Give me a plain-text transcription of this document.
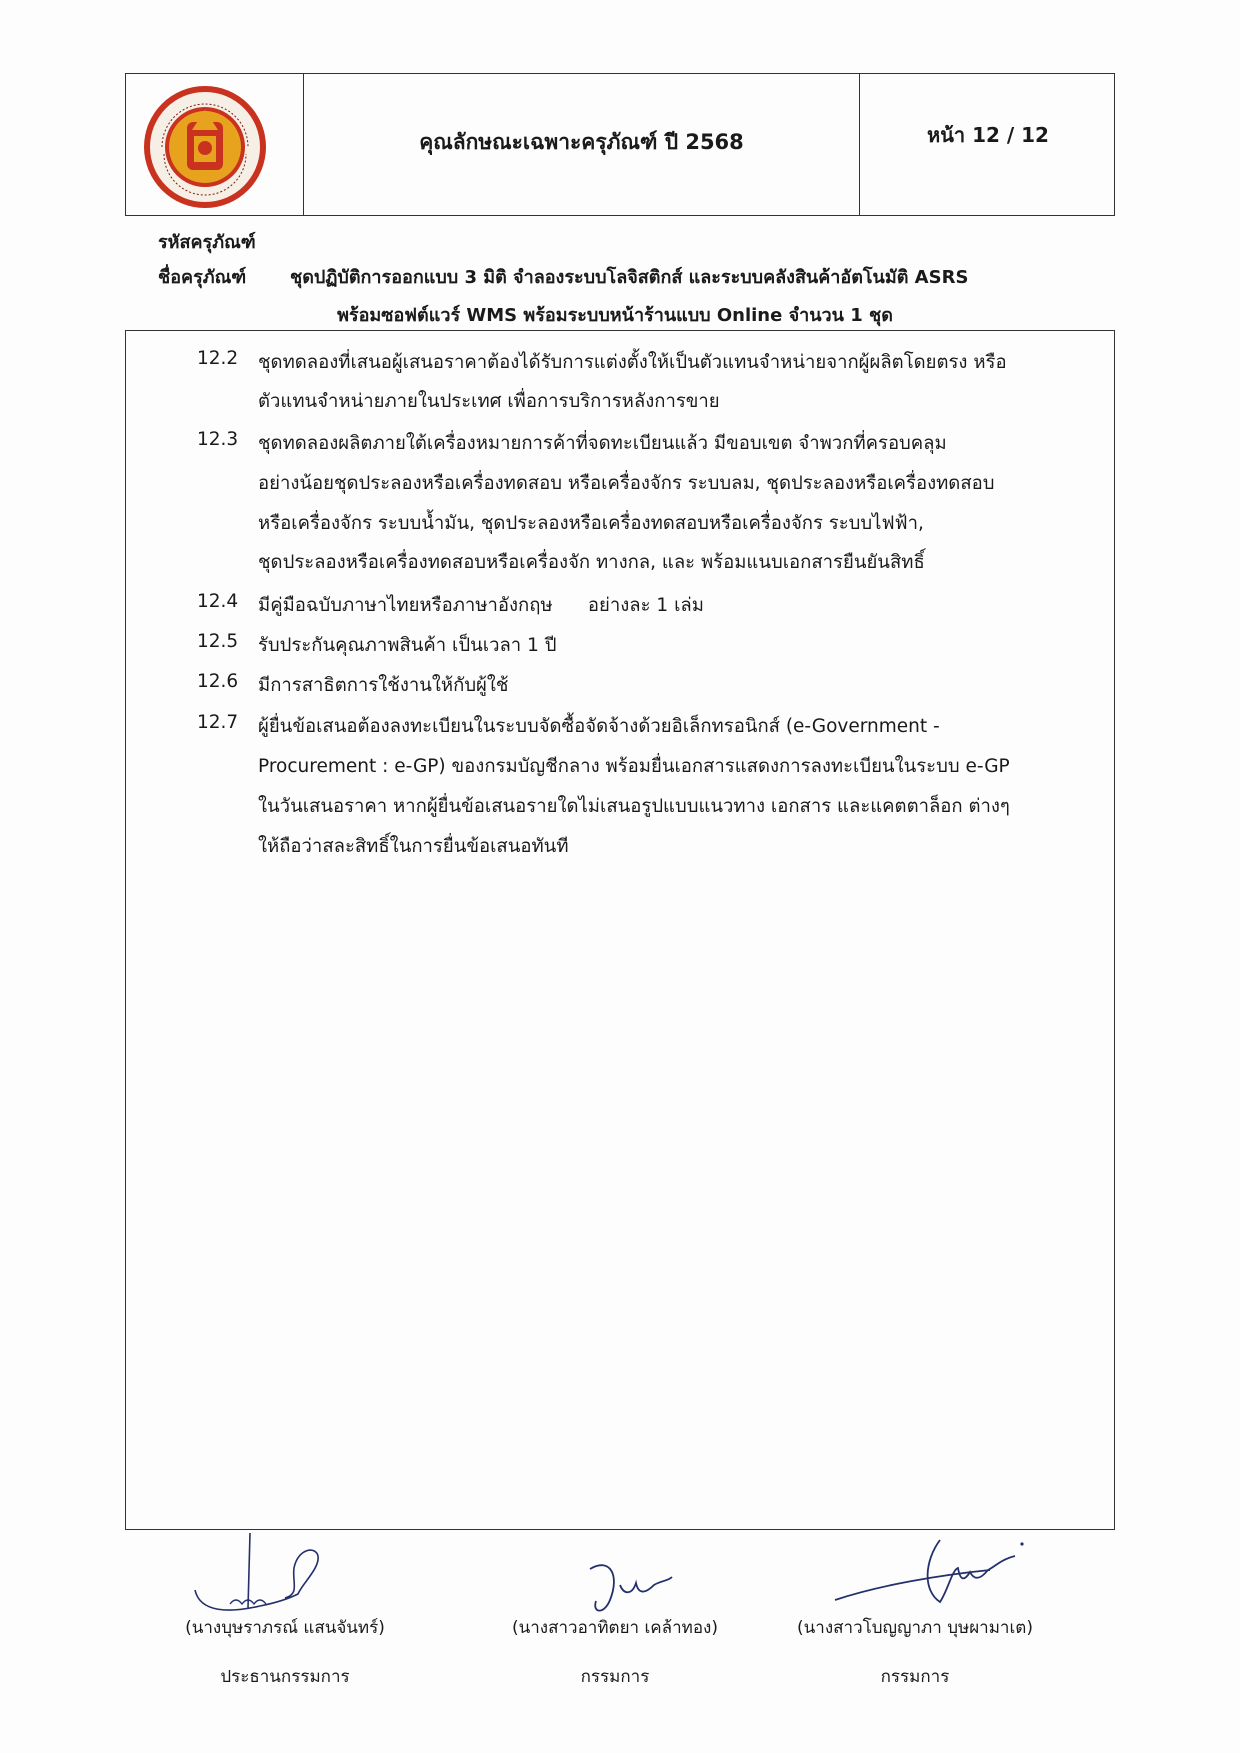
คุณลักษณะเฉพาะครุภัณฑ์ ปี 2568	หน้า 12 / 12
รหัสครุภัณฑ์
ชื่อครุภัณฑ์ ชุดปฏิบัติการออกแบบ 3 มิติ จำลองระบบโลจิสติกส์ และระบบคลังสินค้าอัตโนมัติ ASRS
พร้อมซอฟต์แวร์ WMS พร้อมระบบหน้าร้านแบบ Online จำนวน 1 ชุด
12.2 ชุดทดลองที่เสนอผู้เสนอราคาต้องได้รับการแต่งตั้งให้เป็นตัวแทนจำหน่ายจากผู้ผลิตโดยตรง หรือ
ตัวแทนจำหน่ายภายในประเทศ เพื่อการบริการหลังการขาย
12.3 ชุดทดลองผลิตภายใต้เครื่องหมายการค้าที่จดทะเบียนแล้ว มีขอบเขต จำพวกที่ครอบคลุม
อย่างน้อยชุดประลองหรือเครื่องทดสอบ หรือเครื่องจักร ระบบลม, ชุดประลองหรือเครื่องทดสอบ
หรือเครื่องจักร ระบบน้ำมัน, ชุดประลองหรือเครื่องทดสอบหรือเครื่องจักร ระบบไฟฟ้า,
ชุดประลองหรือเครื่องทดสอบหรือเครื่องจัก ทางกล, และ พร้อมแนบเอกสารยืนยันสิทธิ์
12.4 มีคู่มือฉบับภาษาไทยหรือภาษาอังกฤษ      อย่างละ 1 เล่ม
12.5 รับประกันคุณภาพสินค้า เป็นเวลา 1 ปี
12.6 มีการสาธิตการใช้งานให้กับผู้ใช้
12.7 ผู้ยื่นข้อเสนอต้องลงทะเบียนในระบบจัดซื้อจัดจ้างด้วยอิเล็กทรอนิกส์ (e-Government -
Procurement : e-GP) ของกรมบัญชีกลาง พร้อมยื่นเอกสารแสดงการลงทะเบียนในระบบ e-GP
ในวันเสนอราคา หากผู้ยื่นข้อเสนอรายใดไม่เสนอรูปแบบแนวทาง เอกสาร และแคตตาล็อก ต่างๆ
ให้ถือว่าสละสิทธิ์ในการยื่นข้อเสนอทันที
(นางบุษราภรณ์ แสนจันทร์)
ประธานกรรมการ
(นางสาวอาทิตยา เคล้าทอง)
กรรมการ
(นางสาวโบญญาภา บุษผามาเต)
กรรมการ
